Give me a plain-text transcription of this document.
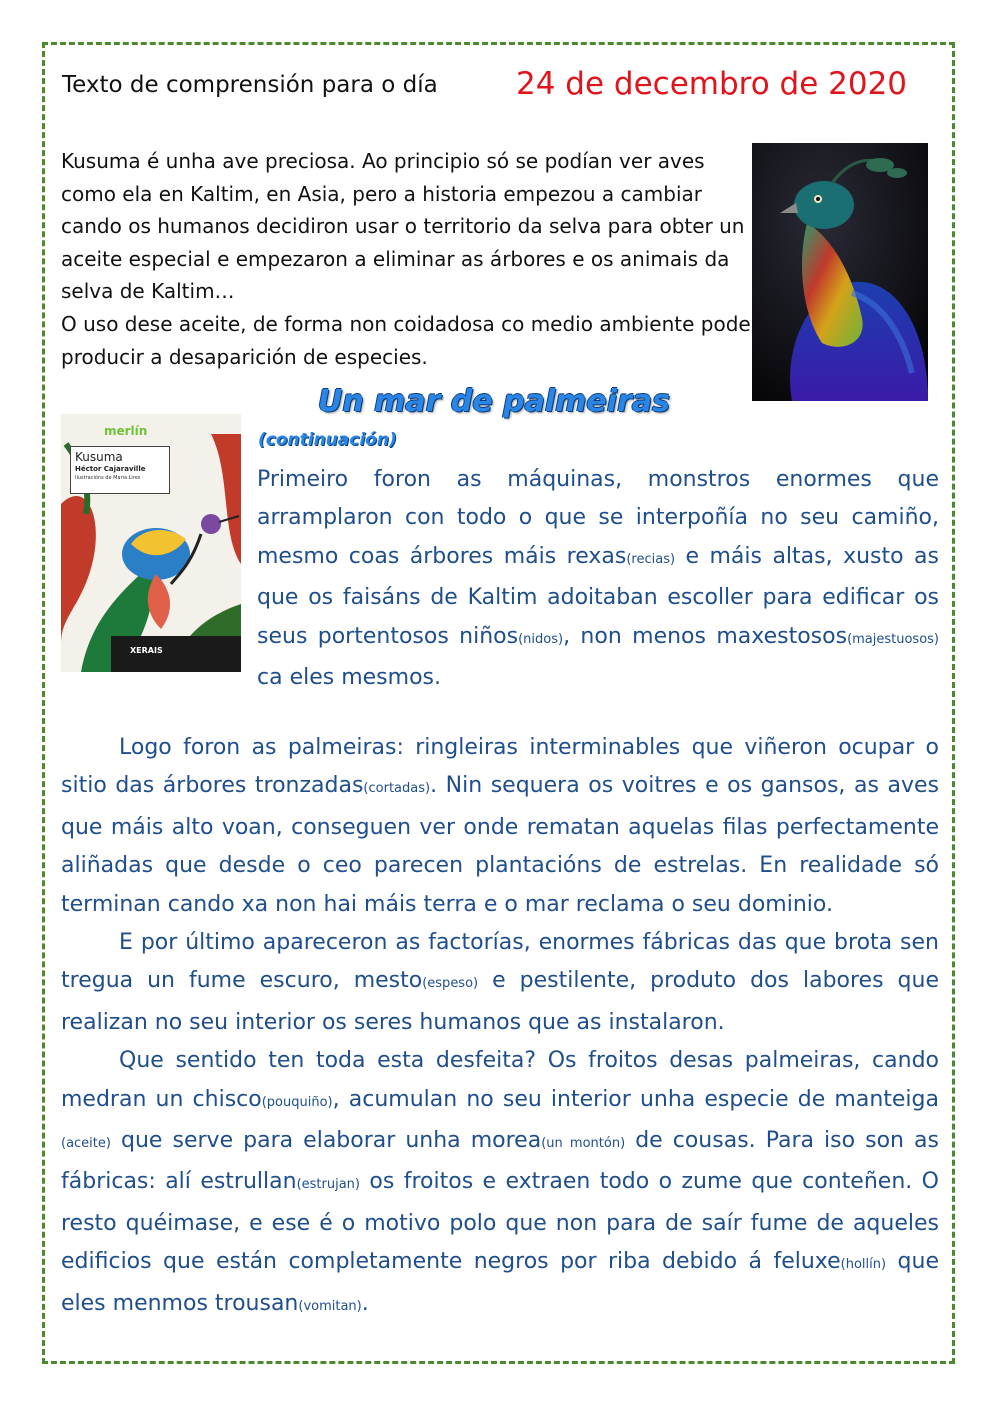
Texto de comprensión para o día	24 de decembro de 2020

Kusuma é unha ave preciosa. Ao principio só se podían ver aves como ela en Kaltim, en Asia, pero a historia empezou a cambiar cando os humanos decidiron usar o territorio da selva para obter un aceite especial e empezaron a eliminar as árbores e os animais da selva de Kaltim…

O uso dese aceite, de forma non coidadosa co medio ambiente pode producir a desaparición de especies.

Un mar de palmeiras
(continuación)
merlín
Kusuma
Héctor Cajaraville
Ilustracións de Maria Lires
XERAIS

Primeiro foron as máquinas, monstros enormes que arramplaron con todo o que se interpoñía no seu camiño, mesmo coas árbores máis rexas(recias) e máis altas, xusto as que os faisáns de Kaltim adoitaban escoller para edificar os seus portentosos niños(nidos), non menos maxestosos(majestuosos) ca eles mesmos.

Logo foron as palmeiras: ringleiras interminables que viñeron ocupar o sitio das árbores tronzadas(cortadas). Nin sequera os voitres e os gansos, as aves que máis alto voan, conseguen ver onde rematan aquelas filas perfectamente aliñadas que desde o ceo parecen plantacións de estrelas. En realidade só terminan cando xa non hai máis terra e o mar reclama o seu dominio.

E por último apareceron as factorías, enormes fábricas das que brota sen tregua un fume escuro, mesto(espeso) e pestilente, produto dos labores que realizan no seu interior os seres humanos que as instalaron.

Que sentido ten toda esta desfeita? Os froitos desas palmeiras, cando medran un chisco(pouquiño), acumulan no seu interior unha especie de manteiga (aceite) que serve para elaborar unha morea(un montón) de cousas. Para iso son as fábricas: alí estrullan(estrujan) os froitos e extraen todo o zume que conteñen. O resto quéimase, e ese é o motivo polo que non para de saír fume de aqueles edificios que están completamente negros por riba debido á feluxe(hollín) que eles menmos trousan(vomitan).
